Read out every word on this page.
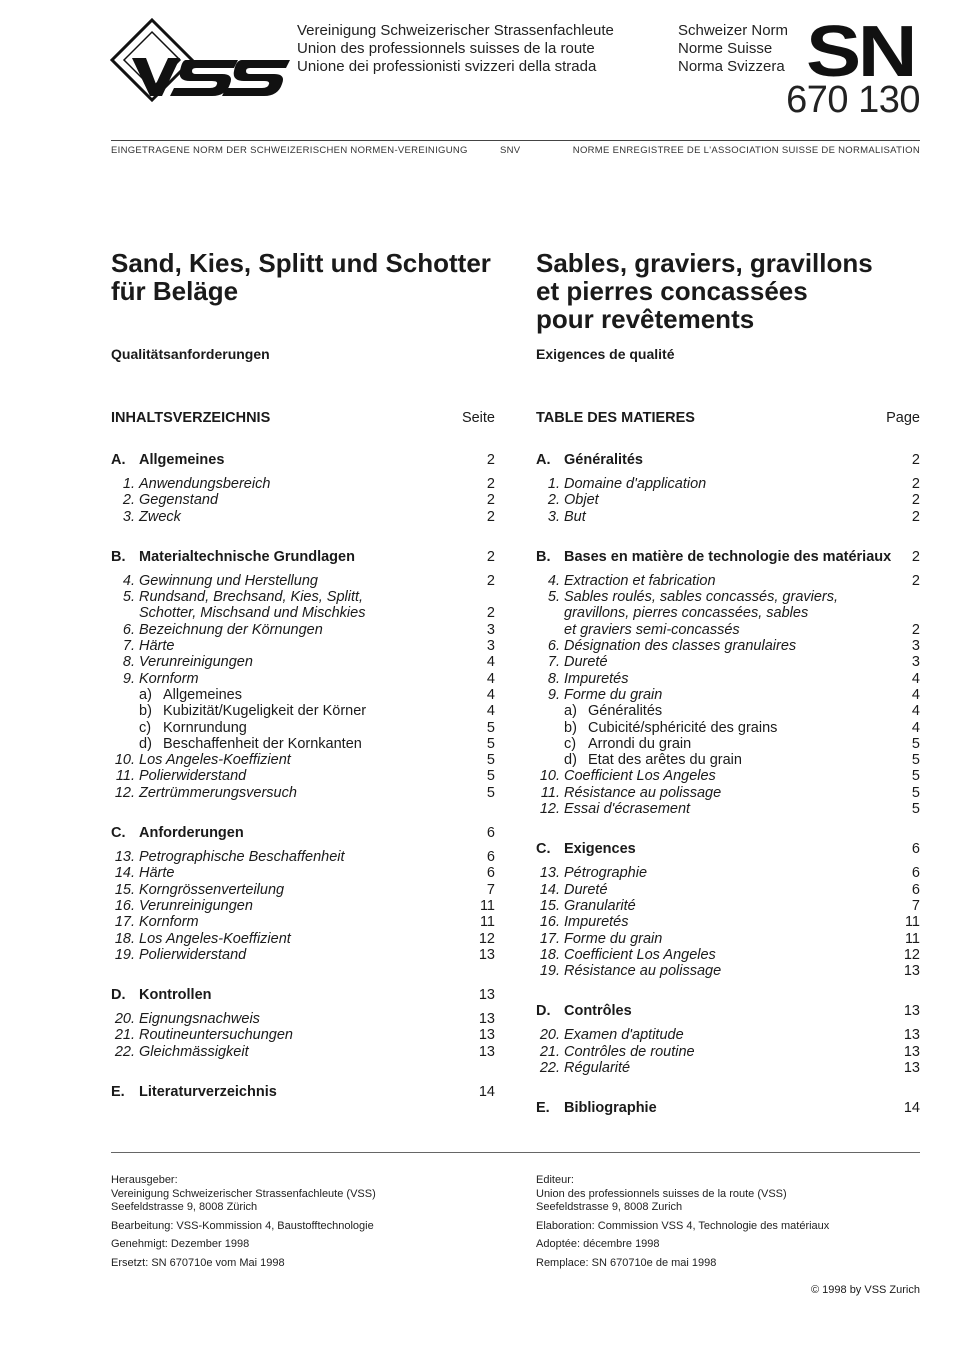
Vereinigung Schweizerischer Strassenfachleute
Union des professionnels suisses de la route
Unione dei professionisti svizzeri della strada
Schweizer Norm
Norme Suisse
Norma Svizzera SN
670 130
EINGETRAGENE NORM DER SCHWEIZERISCHEN NORMEN-VEREINIGUNG	SNV	NORME ENREGISTREE DE L'ASSOCIATION SUISSE DE NORMALISATION
Sand, Kies, Splitt und Schotter
für Beläge
Sables, graviers, gravillons
et pierres concassées
pour revêtements
Qualitätsanforderungen	Exigences de qualité
INHALTSVERZEICHNIS	Seite
A. Allgemeines	2
1. Anwendungsbereich	2
2. Gegenstand	2
3. Zweck	2
B. Materialtechnische Grundlagen	2
4. Gewinnung und Herstellung	2
5. Rundsand, Brechsand, Kies, Splitt,
Schotter, Mischsand und Mischkies	2
6. Bezeichnung der Körnungen	3
7. Härte	3
8. Verunreinigungen	4
9. Kornform	4
a) Allgemeines	4
b) Kubizität/Kugeligkeit der Körner	4
c) Kornrundung	5
d) Beschaffenheit der Kornkanten	5
10. Los Angeles-Koeffizient	5
11. Polierwiderstand	5
12. Zertrümmerungsversuch	5
C. Anforderungen	6
13. Petrographische Beschaffenheit	6
14. Härte	6
15. Korngrössenverteilung	7
16. Verunreinigungen	11
17. Kornform	11
18. Los Angeles-Koeffizient	12
19. Polierwiderstand	13
D. Kontrollen	13
20. Eignungsnachweis	13
21. Routineuntersuchungen	13
22. Gleichmässigkeit	13
E. Literaturverzeichnis	14
TABLE DES MATIERES	Page
A. Généralités	2
1. Domaine d'application	2
2. Objet	2
3. But	2
B. Bases en matière de technologie des matériaux 2
4. Extraction et fabrication	2
5. Sables roulés, sables concassés, graviers,
gravillons, pierres concassées, sables
et graviers semi-concassés	2
6. Désignation des classes granulaires	3
7. Dureté	3
8. Impuretés	4
9. Forme du grain	4
a) Généralités	4
b) Cubicité/sphéricité des grains	4
c) Arrondi du grain	5
d) Etat des arêtes du grain	5
10. Coefficient Los Angeles	5
11. Résistance au polissage	5
12. Essai d'écrasement	5
C. Exigences	6
13. Pétrographie	6
14. Dureté	6
15. Granularité	7
16. Impuretés	11
17. Forme du grain	11
18. Coefficient Los Angeles	12
19. Résistance au polissage	13
D. Contrôles	13
20. Examen d'aptitude	13
21. Contrôles de routine	13
22. Régularité	13
E. Bibliographie	14

Herausgeber:
Vereinigung Schweizerischer Strassenfachleute (VSS)
Seefeldstrasse 9, 8008 Zürich

Bearbeitung: VSS-Kommission 4, Baustofftechnologie

Genehmigt: Dezember 1998

Ersetzt: SN 670710e vom Mai 1998

Editeur:
Union des professionnels suisses de la route (VSS)
Seefeldstrasse 9, 8008 Zurich

Elaboration: Commission VSS 4, Technologie des matériaux

Adoptée: décembre 1998

Remplace: SN 670710e de mai 1998

© 1998 by VSS Zurich
